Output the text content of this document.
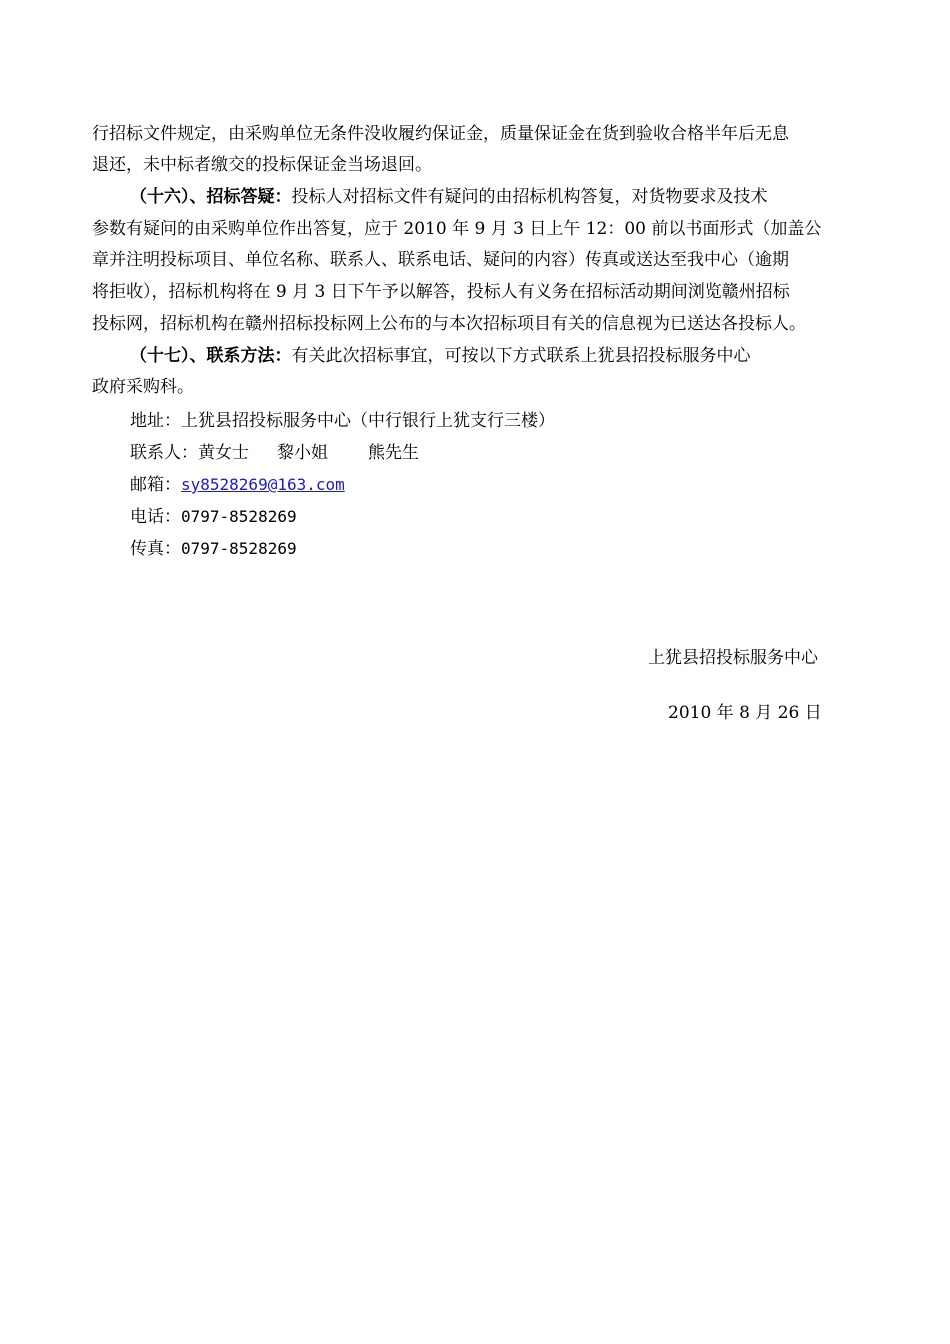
行招标文件规定，由采购单位无条件没收履约保证金，质量保证金在货到验收合格半年后无息
退还，未中标者缴交的投标保证金当场退回。
（十六）、招标答疑：投标人对招标文件有疑问的由招标机构答复，对货物要求及技术
参数有疑问的由采购单位作出答复，应于 2010 年 9 月 3 日上午 12：00 前以书面形式（加盖公
章并注明投标项目、单位名称、联系人、联系电话、疑问的内容）传真或送达至我中心（逾期
将拒收），招标机构将在 9 月 3 日下午予以解答，投标人有义务在招标活动期间浏览赣州招标
投标网，招标机构在赣州招标投标网上公布的与本次招标项目有关的信息视为已送达各投标人。
（十七）、联系方法：有关此次招标事宜，可按以下方式联系上犹县招投标服务中心
政府采购科。
地址：上犹县招投标服务中心（中行银行上犹支行三楼）
联系人：黄女士 黎小姐 熊先生
邮箱：sy8528269@163.com
电话：0797-8528269
传真：0797-8528269
上犹县招投标服务中心
2010 年 8 月 26 日
